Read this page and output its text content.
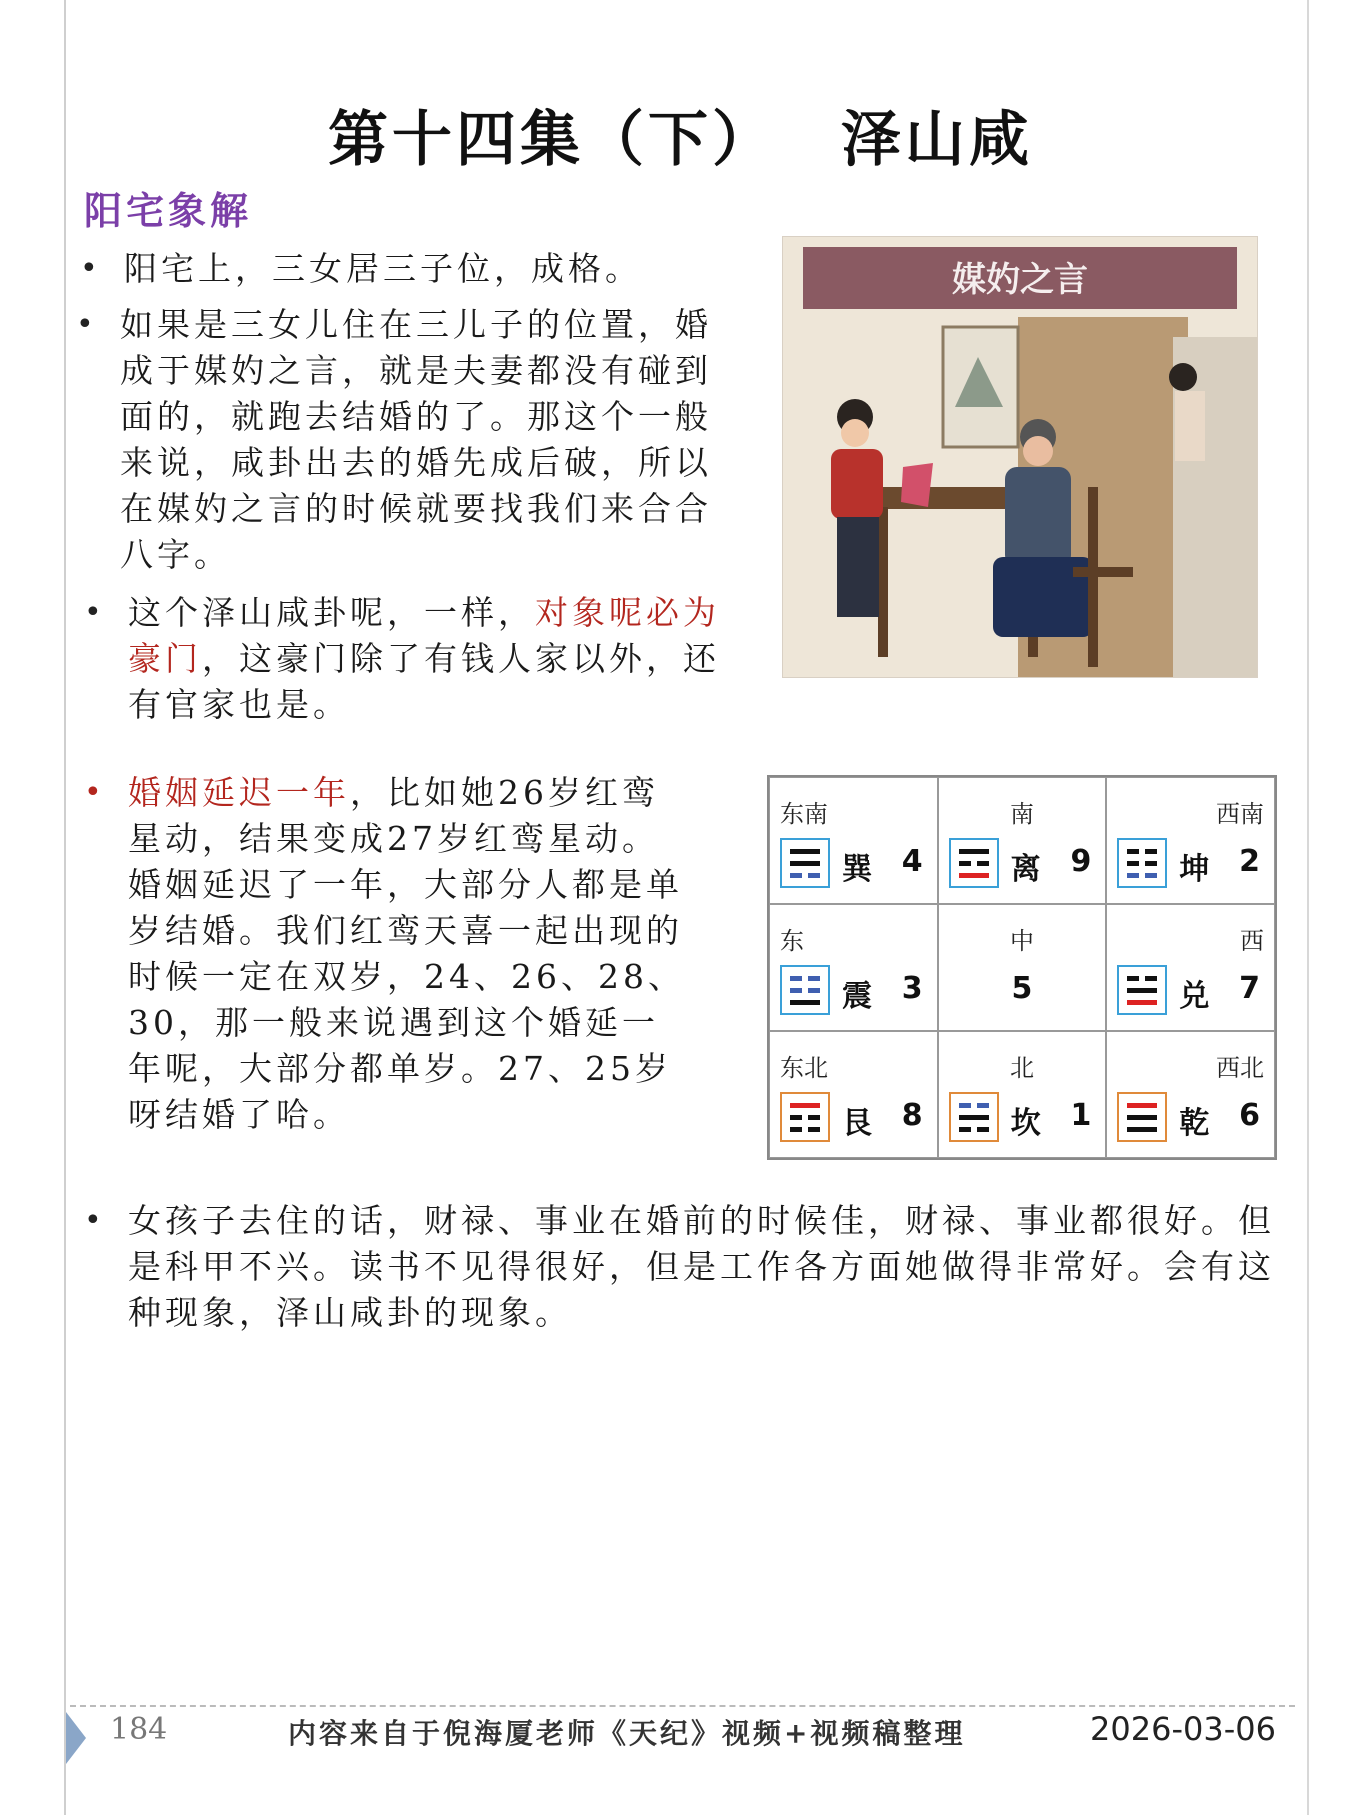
第十四集（下） 泽山咸
阳宅象解
• 阳宅上，三女居三子位，成格。
• 如果是三女儿住在三儿子的位置，婚成于媒妁之言，就是夫妻都没有碰到面的，就跑去结婚的了。那这个一般来说，咸卦出去的婚先成后破，所以在媒妁之言的时候就要找我们来合合八字。
• 这个泽山咸卦呢，一样，对象呢必为豪门，这豪门除了有钱人家以外，还有官家也是。
• 婚姻延迟一年，比如她26岁红鸾星动，结果变成27岁红鸾星动。婚姻延迟了一年，大部分人都是单岁结婚。我们红鸾天喜一起出现的时候一定在双岁，24、26、28、30，那一般来说遇到这个婚延一年呢，大部分都单岁。27、25岁呀结婚了哈。
• 女孩子去住的话，财禄、事业在婚前的时候佳，财禄、事业都很好。但是科甲不兴。读书不见得很好，但是工作各方面她做得非常好。会有这种现象，泽山咸卦的现象。
媒妁之言
东南
巽 4
南
离 9
西南
坤 2
东
震 3
中
5
西
兑 7
东北
艮 8
北
坎 1
西北
乾 6
184	内容来自于倪海厦老师《天纪》视频+视频稿整理	2026-03-06
